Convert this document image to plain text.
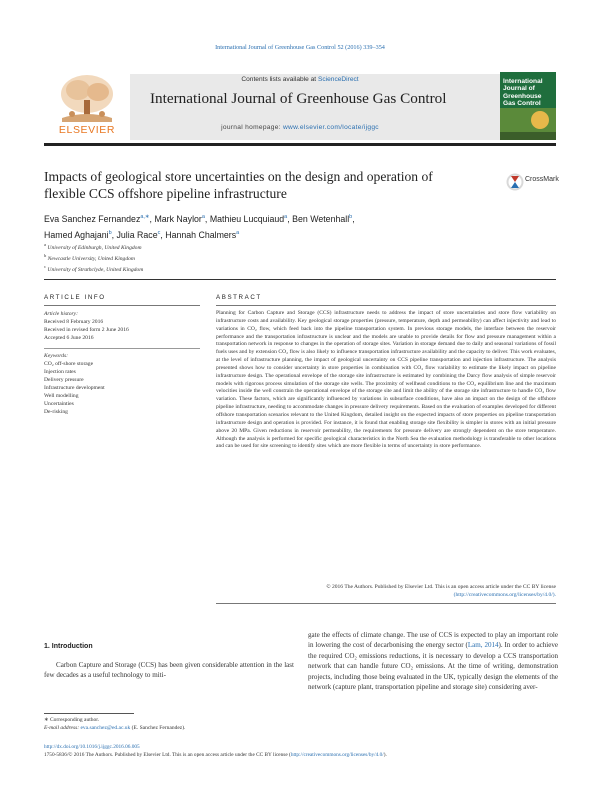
International Journal of Greenhouse Gas Control 52 (2016) 339–354
Contents lists available at ScienceDirect
International Journal of Greenhouse Gas Control
journal homepage: www.elsevier.com/locate/ijggc
ELSEVIER
International Journal of Greenhouse Gas Control
Impacts of geological store uncertainties on the design and operation of flexible CCS offshore pipeline infrastructure
CrossMark
Eva Sanchez Fernandez$^{a,∗}$, Mark Naylor$^a$, Mathieu Lucquiaud$^a$, Ben Wetenhall$^b$,
Hamed Aghajani$^b$, Julia Race$^c$, Hannah Chalmers$^a$
$^a$ University of Edinburgh, United Kingdom
$^b$ Newcastle University, United Kingdom
$^c$ University of Strathclyde, United Kingdom
ARTICLE INFO
Article history:
Received 8 February 2016
Received in revised form 2 June 2016
Accepted 6 June 2016
Keywords:
CO₂ off-shore storage
Injection rates
Delivery pressure
Infrastructure development
Well modelling
Uncertainties
De-risking
ABSTRACT
Planning for Carbon Capture and Storage (CCS) infrastructure needs to address the impact of store uncertainties and store flow variability on infrastructure costs and availability. Key geological storage properties (pressure, temperature, depth and permeability) can affect injectivity and lead to variations in CO₂ flow, which feed back into the pipeline transportation system. In previous storage models, the interface between the reservoir performance and the transportation infrastructure is unclear and the models are unable to provide details for flow and pressure management within a transportation network in response to changes in the operation of storage sites. Variation in storage demand due to daily and seasonal variations of fossil fuels uses and by extension CO₂ flow is also likely to influence transportation infrastructure availability and the capacity to deliver. This work evaluates, at the level of infrastructure planning, the impact of geological uncertainty on CCS pipeline transportation and injection infrastructure. The analysis presented shows how to consider uncertainty in store properties in combination with CO₂ flow variability to estimate the likely impact on pipeline infrastructure design. The operational envelope of the storage site infrastructure is estimated by combining the Darcy flow analysis of simple reservoir models with rigorous process simulation of the storage site wells. The proximity of wellhead conditions to the CO₂ equilibrium line and the maximum velocities inside the well constrain the operational envelope of the storage site and limit the ability of the storage site infrastructure to handle CO₂ flow variation. These factors, which are significantly influenced by variations in subsurface conditions, have also an impact on the design of the offshore pipeline infrastructure, needing to accommodate changes in pressure delivery requirements. Based on the evaluation of examples developed for different offshore transportation scenarios relevant to the United Kingdom, detailed insight on the expected impacts of store properties on pipeline transportation infrastructure design and operation is provided. For instance, it is found that enabling storage site flexibility is simpler in stores with an initial pressure above 20 MPa. Given reductions in reservoir permeability, the requirements for pressure delivery are strongly dependent on the store temperature. Although the analysis is performed for specific geological characteristics in the North Sea the evaluation methodology is transferable to other locations and can be used for site screening to identify sites which are more flexible in terms of uncertainty in store performance.
© 2016 The Authors. Published by Elsevier Ltd. This is an open access article under the CC BY license
(http://creativecommons.org/licenses/by/4.0/).
1. Introduction
Carbon Capture and Storage (CCS) has been given considerable attention in the last few decades as a useful technology to miti-
gate the effects of climate change. The use of CCS is expected to play an important role in lowering the cost of decarbonising the energy sector (Lam, 2014). In order to achieve the required CO₂ emissions reductions, it is necessary to develop a CCS transportation network that can handle future CO₂ emissions. At the time of writing, demonstration projects, including those being evaluated in the UK, typically design the elements of the network (capture plant, transportation pipeline and storage site) considering aver-
∗ Corresponding author.
E-mail address: eva.sanchez@ed.ac.uk (E. Sanchez Fernandez).
http://dx.doi.org/10.1016/j.ijggc.2016.06.005
1750-5836/© 2016 The Authors. Published by Elsevier Ltd. This is an open access article under the CC BY license (http://creativecommons.org/licenses/by/4.0/).
